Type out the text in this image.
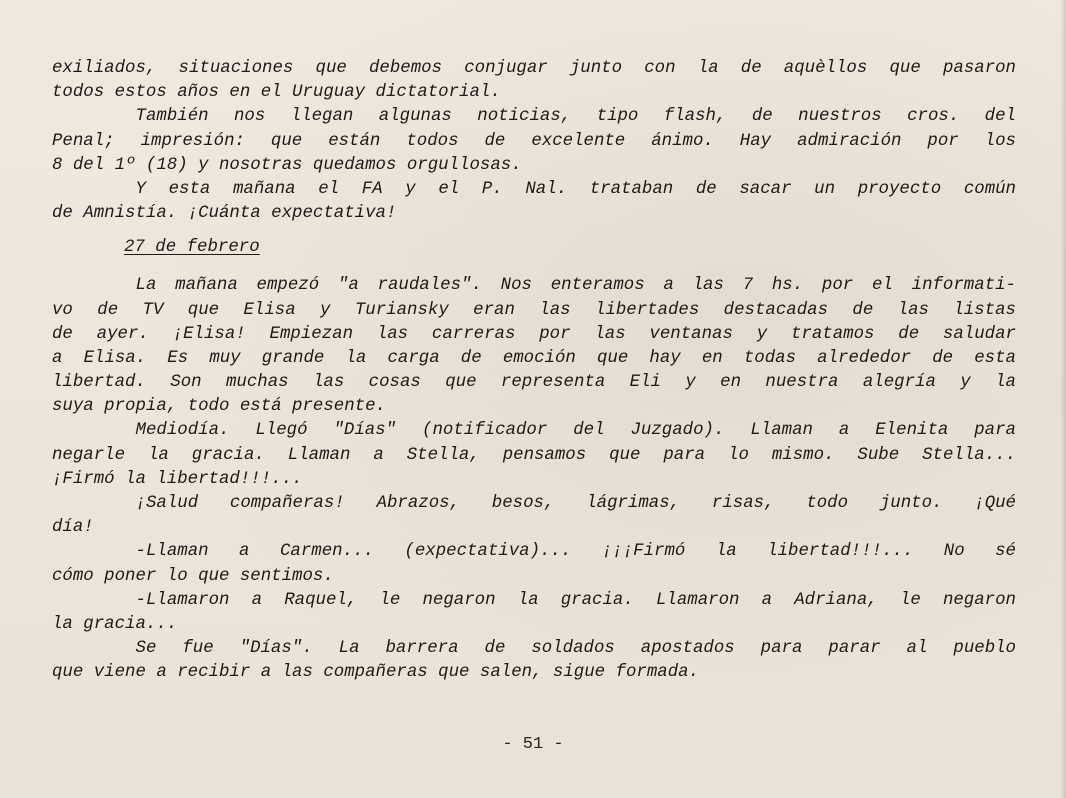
exiliados, situaciones que debemos conjugar junto con la de aquèllos que pasaron
todos estos años en el Uruguay dictatorial.
También nos llegan algunas noticias, tipo flash, de nuestros cros. del
Penal; impresión: que están todos de excelente ánimo. Hay admiración por los
8 del 1º (18) y nosotras quedamos orgullosas.
Y esta mañana el FA y el P. Nal. trataban de sacar un proyecto común
de Amnistía. ¡Cuánta expectativa!
27 de febrero
La mañana empezó "a raudales". Nos enteramos a las 7 hs. por el informati-
vo de TV que Elisa y Turiansky eran las libertades destacadas de las listas
de ayer. ¡Elisa! Empiezan las carreras por las ventanas y tratamos de saludar
a Elisa. Es muy grande la carga de emoción que hay en todas alrededor de esta
libertad. Son muchas las cosas que representa Eli y en nuestra alegría y la
suya propia, todo está presente.
Mediodía. Llegó "Días" (notificador del Juzgado). Llaman a Elenita para
negarle la gracia. Llaman a Stella, pensamos que para lo mismo. Sube Stella...
¡Firmó la libertad!!!...
¡Salud compañeras! Abrazos, besos, lágrimas, risas, todo junto. ¡Qué
día!
-Llaman a Carmen... (expectativa)... ¡¡¡Firmó la libertad!!!... No sé
cómo poner lo que sentimos.
-Llamaron a Raquel, le negaron la gracia. Llamaron a Adriana, le negaron
la gracia...
Se fue "Días". La barrera de soldados apostados para parar al pueblo
que viene a recibir a las compañeras que salen, sigue formada.
- 51 -
